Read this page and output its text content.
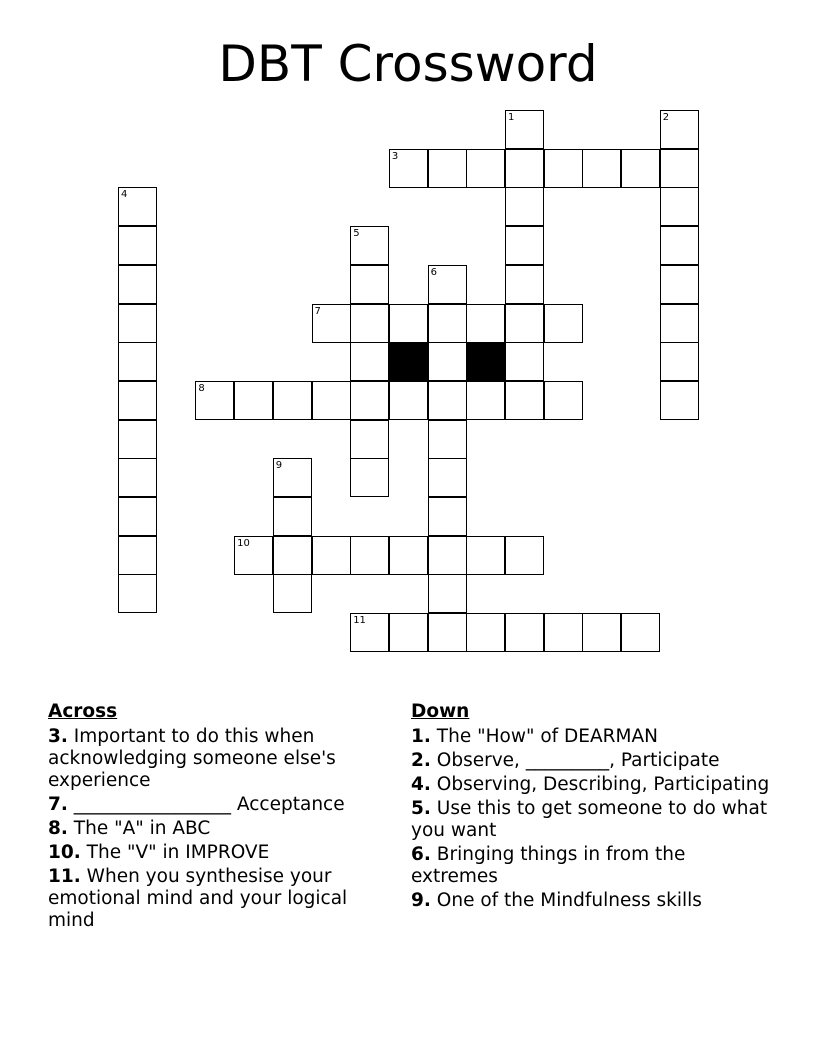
DBT Crossword
1	2
3
4
5
6
7
8
9
10
11
Across
3. Important to do this when acknowledging someone else's experience
7. _________________ Acceptance
8. The "A" in ABC
10. The "V" in IMPROVE
11. When you synthesise your emotional mind and your logical mind
Down
1. The "How" of DEARMAN
2. Observe, _________, Participate
4. Observing, Describing, Participating
5. Use this to get someone to do what you want
6. Bringing things in from the extremes
9. One of the Mindfulness skills
